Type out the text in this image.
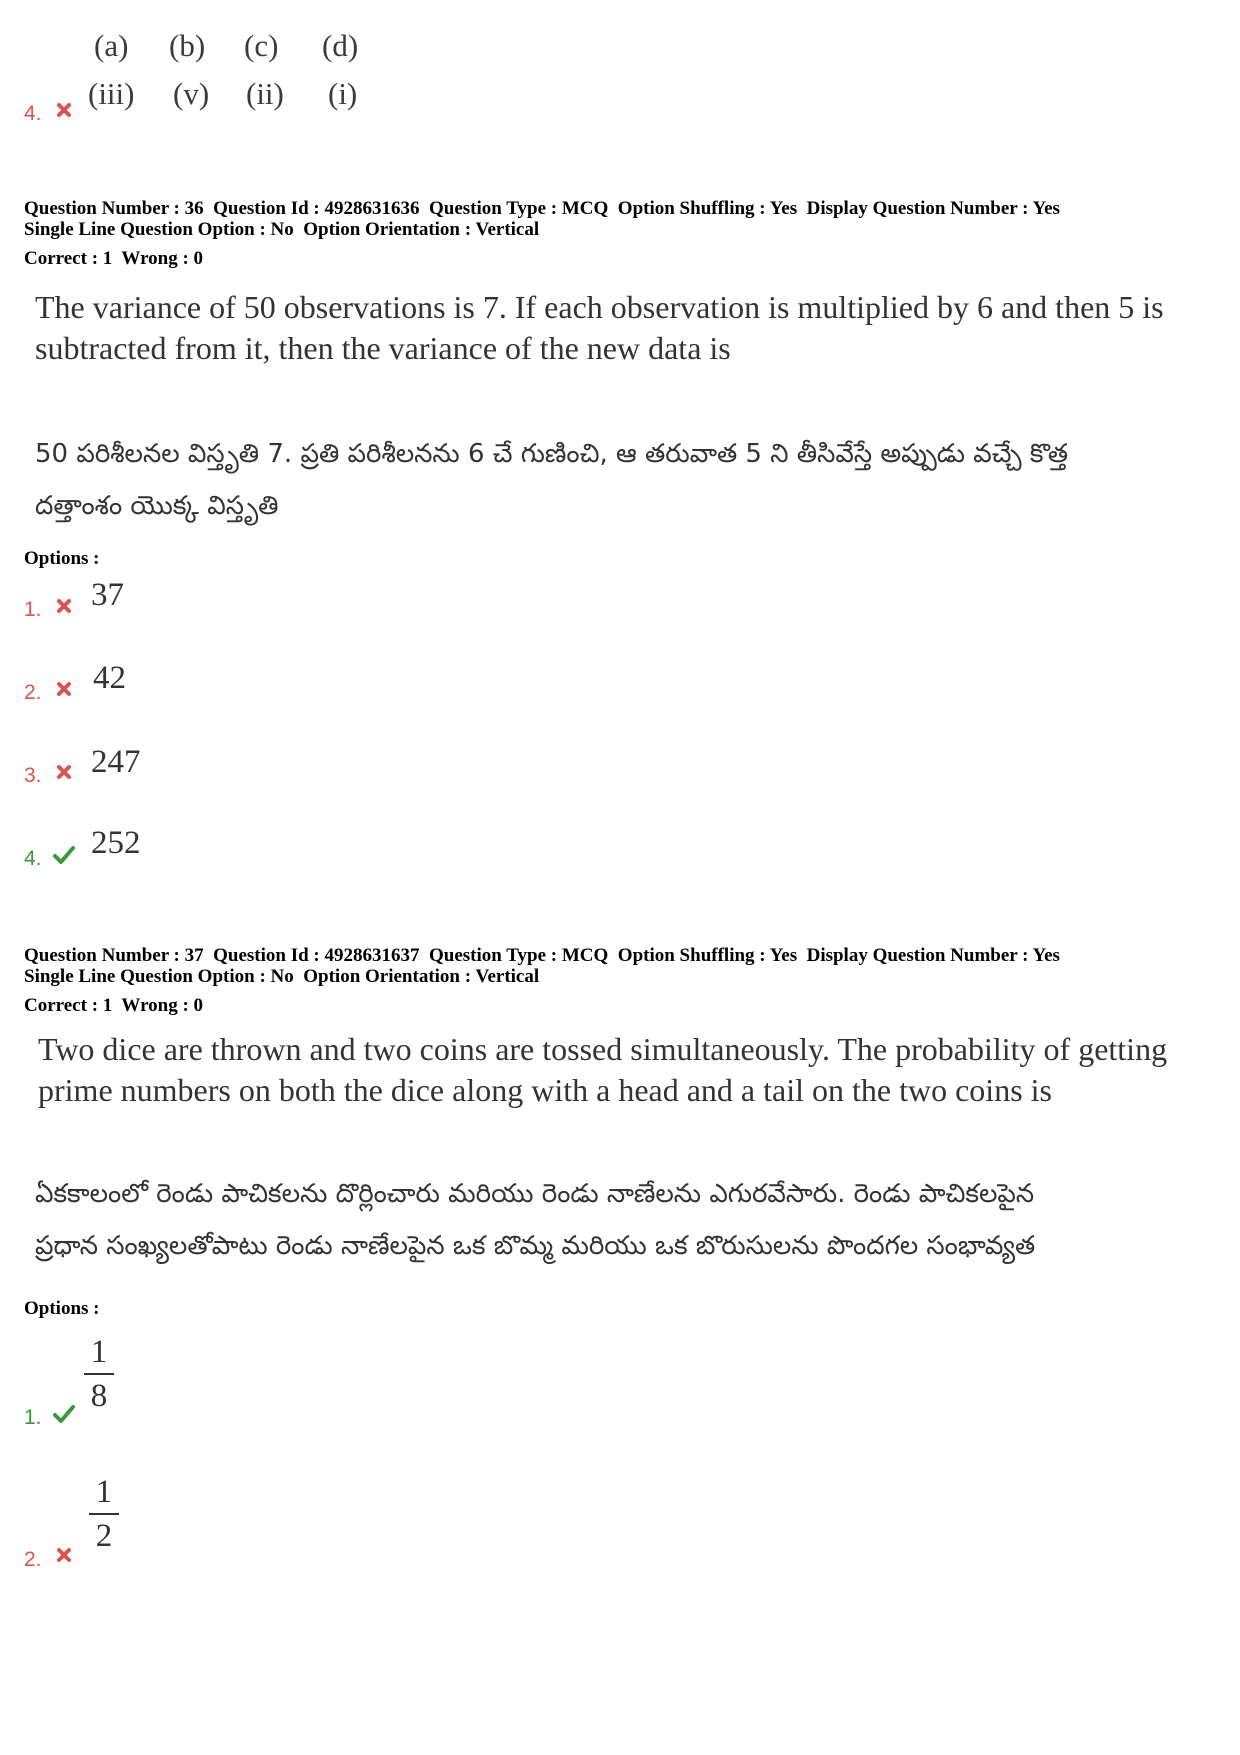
(a) (b) (c) (d)
4.
(iii) (v) (ii) (i)
Question Number : 36  Question Id : 4928631636  Question Type : MCQ  Option Shuffling : Yes  Display Question Number : Yes
Single Line Question Option : No  Option Orientation : Vertical
Correct : 1  Wrong : 0
The variance of 50 observations is 7. If each observation is multiplied by 6 and then 5 is
subtracted from it, then the variance of the new data is
50 పరిశీలనల విస్తృతి 7. ప్రతి పరిశీలనను 6 చే గుణించి, ఆ తరువాత 5 ని తీసివేస్తే అప్పుడు వచ్చే కొత్త
దత్తాంశం యొక్క విస్తృతి
Options :
1. 37
2. 42
3. 247
4. 252
Question Number : 37  Question Id : 4928631637  Question Type : MCQ  Option Shuffling : Yes  Display Question Number : Yes
Single Line Question Option : No  Option Orientation : Vertical
Correct : 1  Wrong : 0
Two dice are thrown and two coins are tossed simultaneously. The probability of getting
prime numbers on both the dice along with a head and a tail on the two coins is
ఏకకాలంలో రెండు పాచికలను దొర్లించారు మరియు రెండు నాణేలను ఎగురవేసారు. రెండు పాచికలపైన
ప్రధాన సంఖ్యలతోపాటు రెండు నాణేలపైన ఒక బొమ్మ మరియు ఒక బొరుసులను పొందగల సంభావ్యత
Options :
1.
1
8
2.
1
2
